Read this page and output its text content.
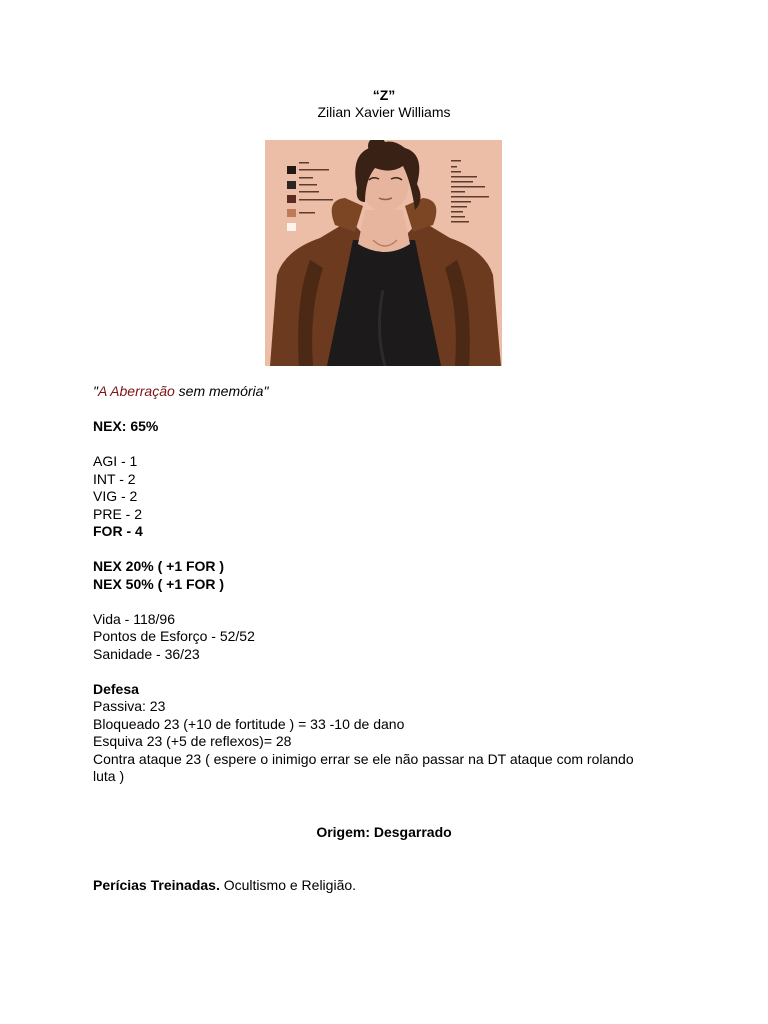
“Z”
Zilian Xavier Williams
"A Aberração sem memória"
NEX: 65%
AGI - 1
INT - 2
VIG - 2
PRE - 2
FOR - 4
NEX 20% ( +1 FOR )
NEX 50% ( +1 FOR )
Vida - 118/96
Pontos de Esforço - 52/52
Sanidade - 36/23
Defesa
Passiva: 23
Bloqueado 23 (+10 de fortitude ) = 33 -10 de dano
Esquiva 23 (+5 de reflexos)= 28
Contra ataque 23 ( espere o inimigo errar se ele não passar na DT ataque com rolando luta )
Origem: Desgarrado
Perícias Treinadas. Ocultismo e Religião.
